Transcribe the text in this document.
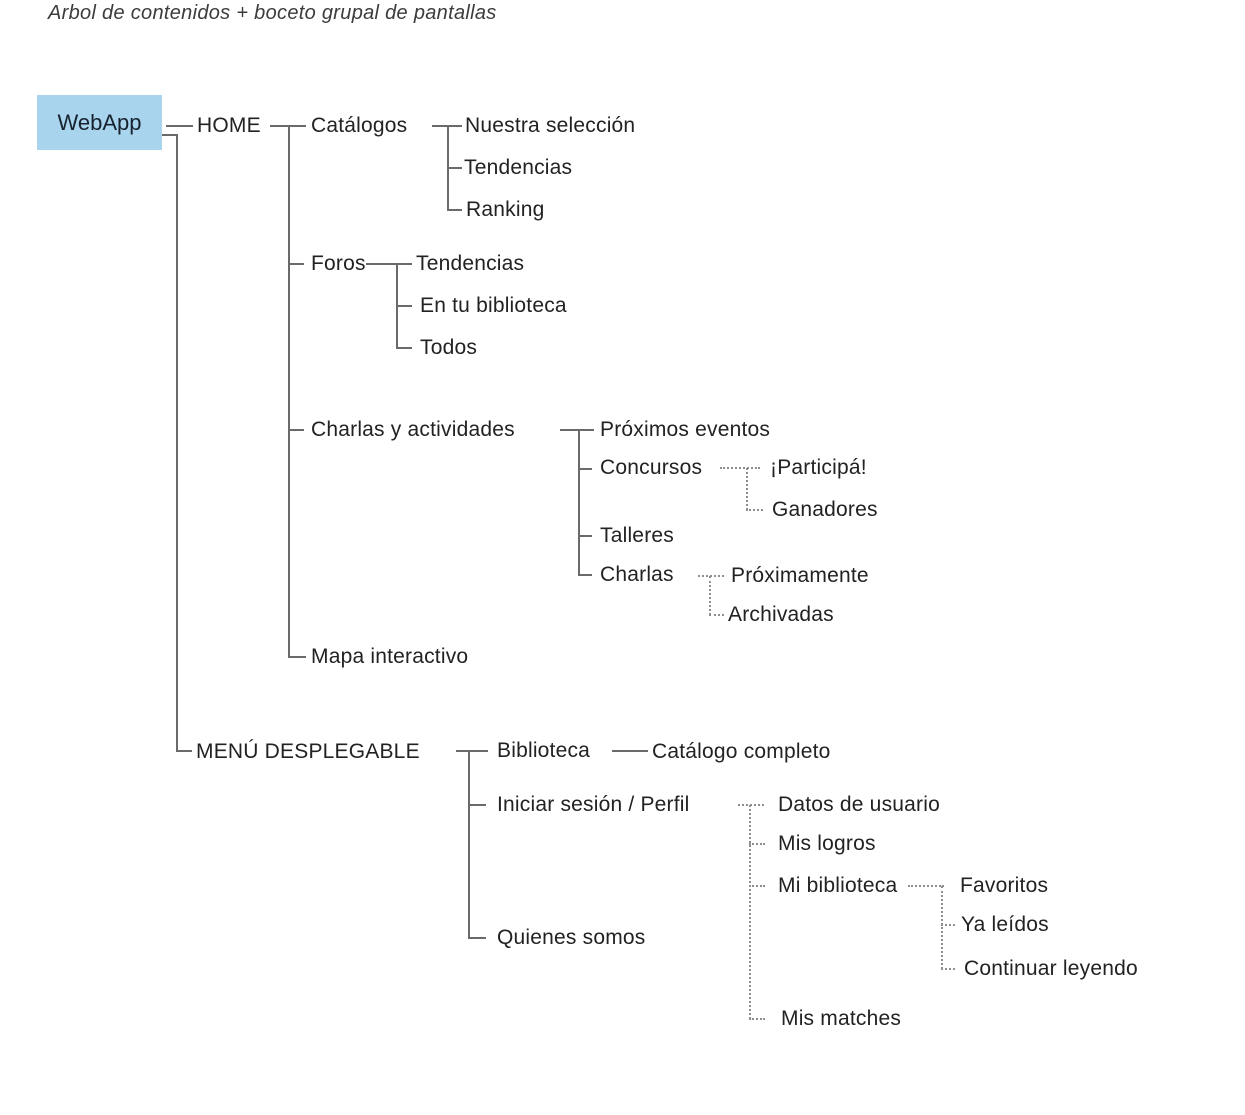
Arbol de contenidos + boceto grupal de pantallas
WebApp	HOME Catálogos	Nuestra selección
Tendencias
Ranking
Foros Tendencias
En tu biblioteca
Todos
Charlas y actividades	Próximos eventos
Concursos	¡Participá!
Ganadores
Talleres
Charlas	Próximamente
Archivadas
Mapa interactivo
MENÚ DESPLEGABLE	Biblioteca	Catálogo completo
Iniciar sesión / Perfil	Datos de usuario
Mis logros
Mi biblioteca	Favoritos
Ya leídos
Continuar leyendo
Quienes somos
Mis matches
